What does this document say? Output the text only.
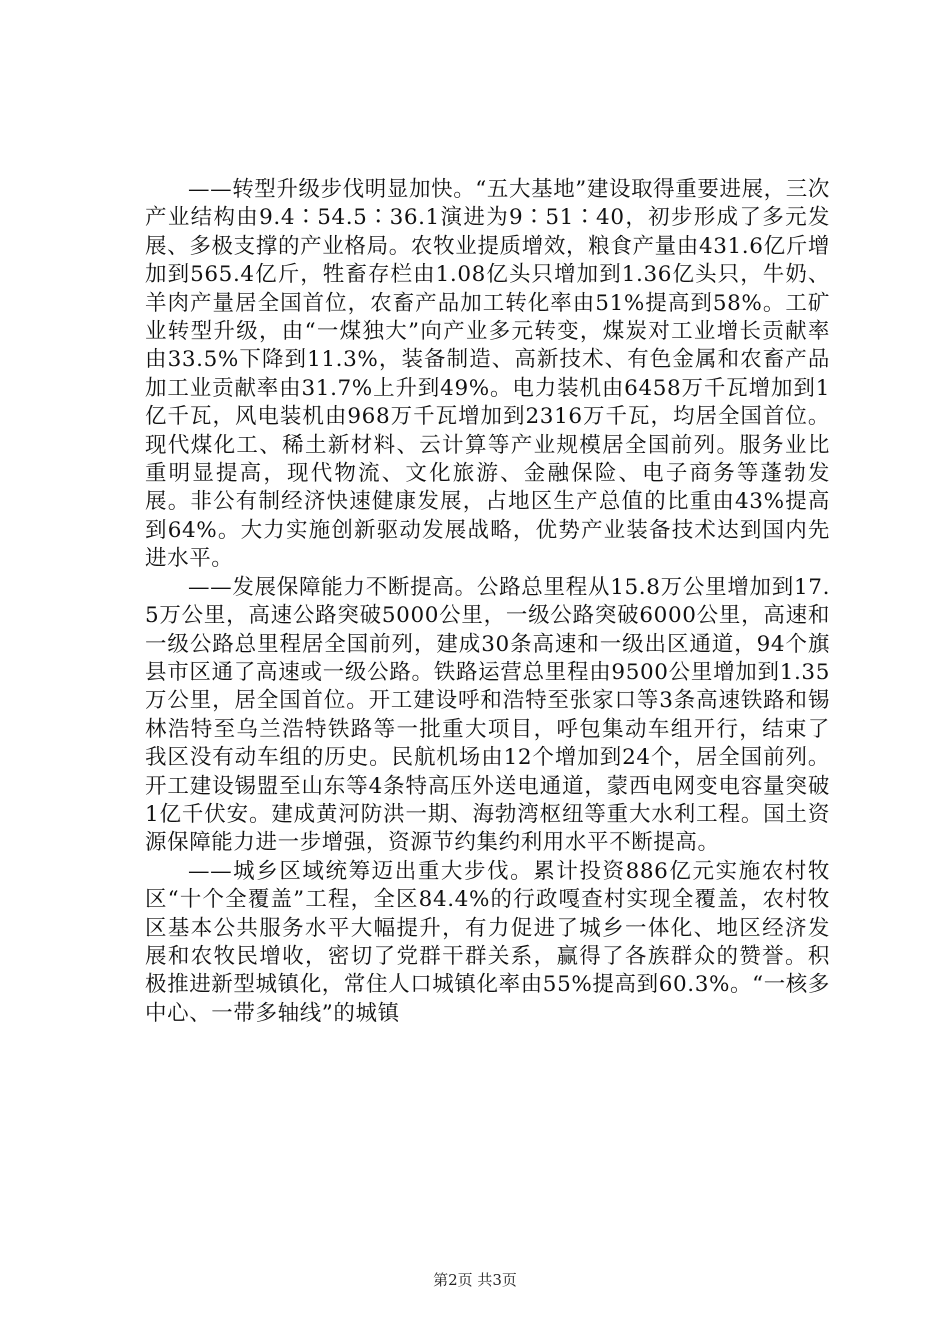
——转型升级步伐明显加快。“五大基地”建设取得重要进展，三次产业结构由9.4∶54.5∶36.1演进为9∶51∶40，初步形成了多元发展、多极支撑的产业格局。农牧业提质增效，粮食产量由431.6亿斤增加到565.4亿斤，牲畜存栏由1.08亿头只增加到1.36亿头只，牛奶、羊肉产量居全国首位，农畜产品加工转化率由51%提高到58%。工矿业转型升级，由“一煤独大”向产业多元转变，煤炭对工业增长贡献率由33.5%下降到11.3%，装备制造、高新技术、有色金属和农畜产品加工业贡献率由31.7%上升到49%。电力装机由6458万千瓦增加到1亿千瓦，风电装机由968万千瓦增加到2316万千瓦，均居全国首位。现代煤化工、稀土新材料、云计算等产业规模居全国前列。服务业比重明显提高，现代物流、文化旅游、金融保险、电子商务等蓬勃发展。非公有制经济快速健康发展，占地区生产总值的比重由43%提高到64%。大力实施创新驱动发展战略，优势产业装备技术达到国内先进水平。

——发展保障能力不断提高。公路总里程从15.8万公里增加到17.5万公里，高速公路突破5000公里，一级公路突破6000公里，高速和一级公路总里程居全国前列，建成30条高速和一级出区通道，94个旗县市区通了高速或一级公路。铁路运营总里程由9500公里增加到1.35万公里，居全国首位。开工建设呼和浩特至张家口等3条高速铁路和锡林浩特至乌兰浩特铁路等一批重大项目，呼包集动车组开行，结束了我区没有动车组的历史。民航机场由12个增加到24个，居全国前列。开工建设锡盟至山东等4条特高压外送电通道，蒙西电网变电容量突破1亿千伏安。建成黄河防洪一期、海勃湾枢纽等重大水利工程。国土资源保障能力进一步增强，资源节约集约利用水平不断提高。

——城乡区域统筹迈出重大步伐。累计投资886亿元实施农村牧区“十个全覆盖”工程，全区84.4%的行政嘎查村实现全覆盖，农村牧区基本公共服务水平大幅提升，有力促进了城乡一体化、地区经济发展和农牧民增收，密切了党群干群关系，赢得了各族群众的赞誉。积极推进新型城镇化，常住人口城镇化率由55%提高到60.3%。“一核多中心、一带多轴线”的城镇

第2页 共3页
